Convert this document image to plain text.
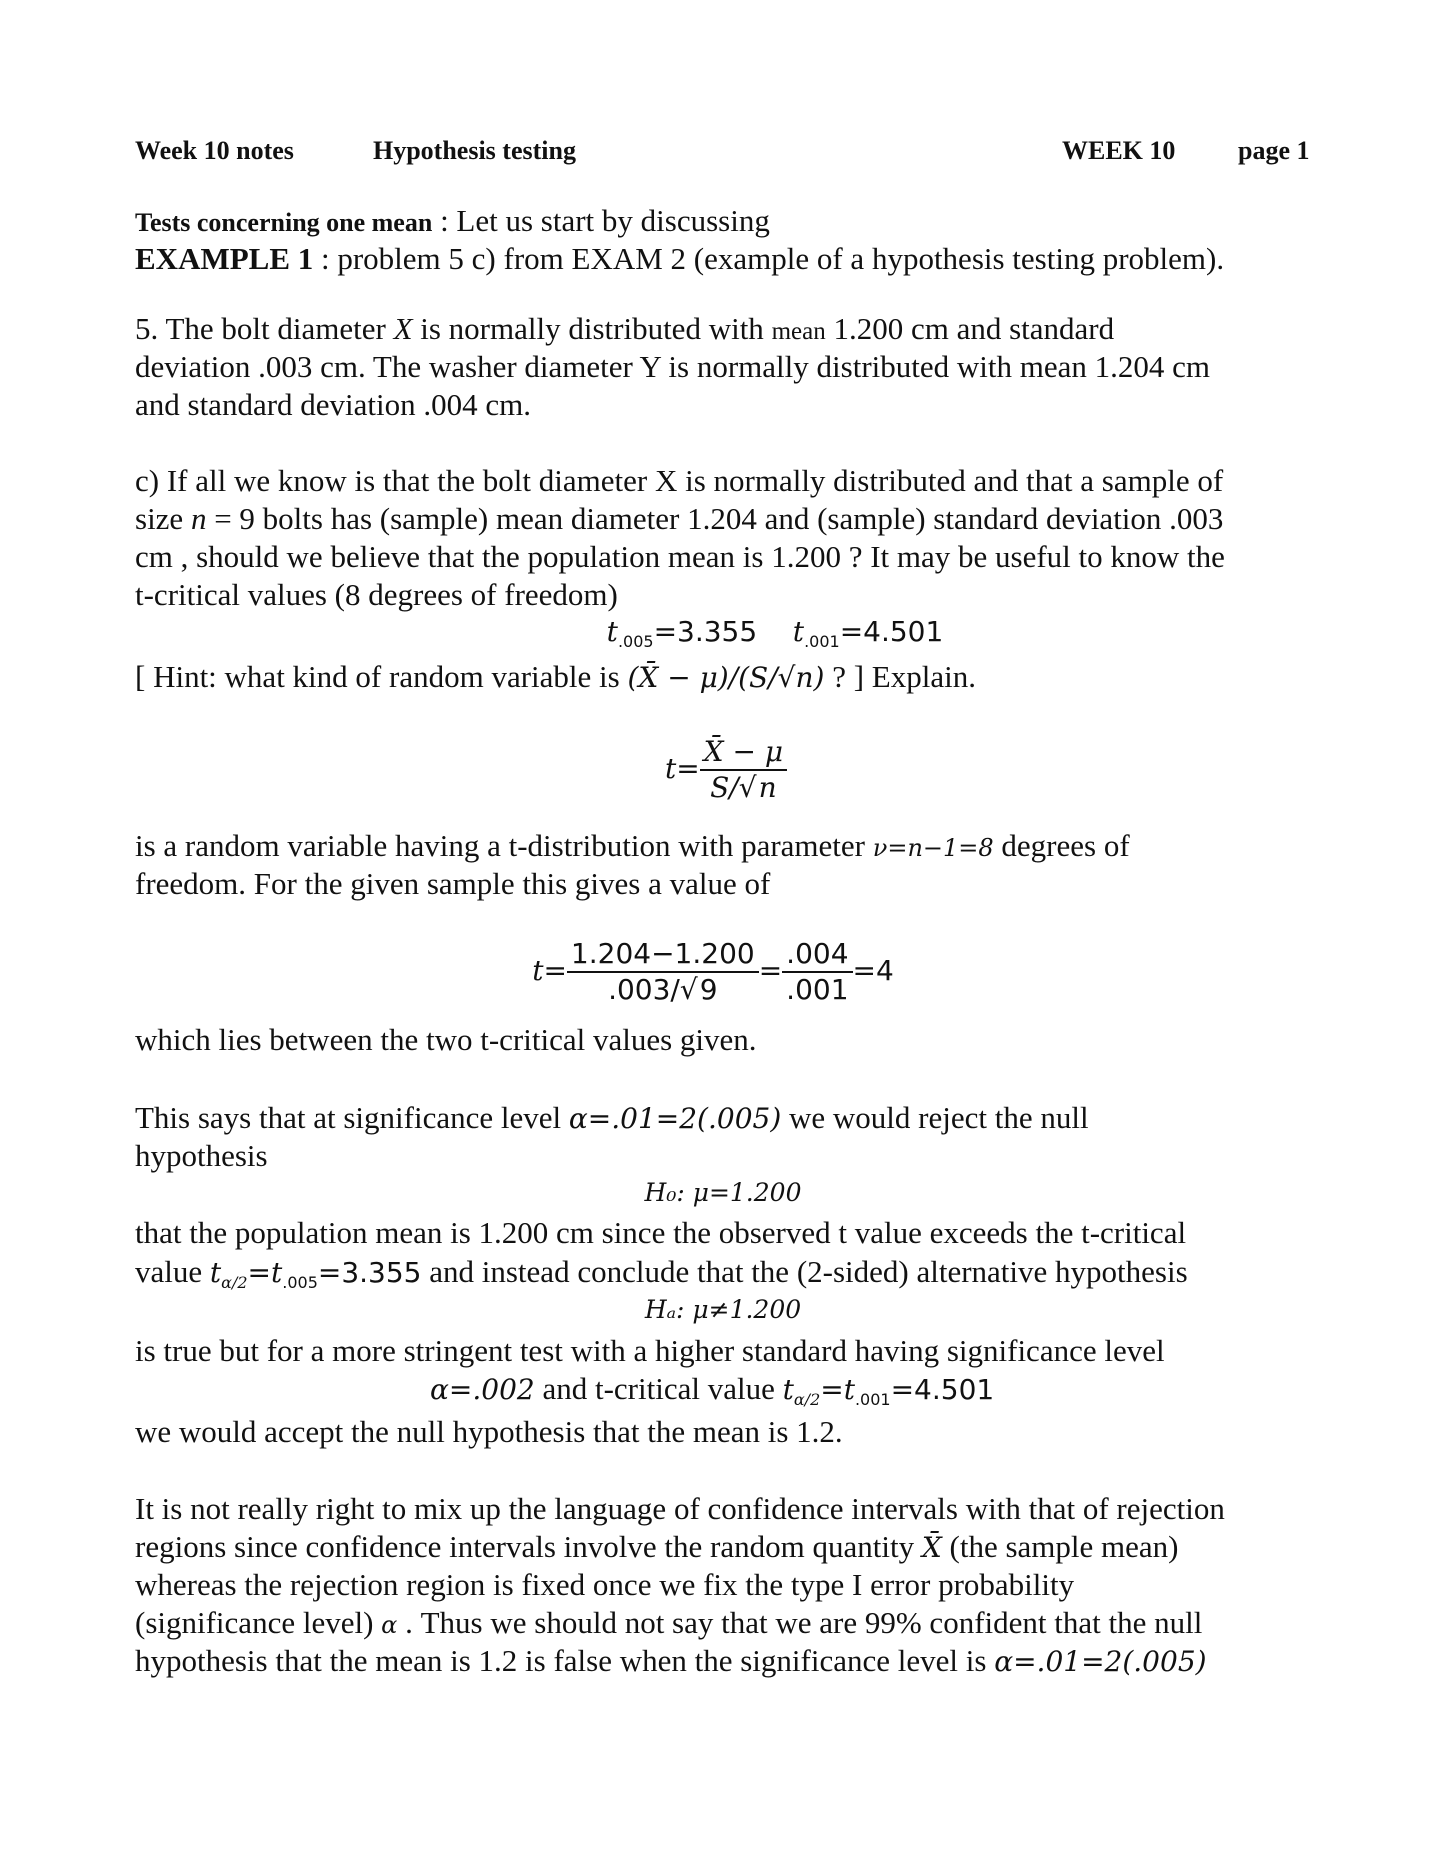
Week 10 notes	Hypothesis testing	WEEK 10 page 1
Tests concerning one mean : Let us start by discussing
EXAMPLE 1 : problem 5 c) from EXAM 2 (example of a hypothesis testing problem).
5. The bolt diameter X is normally distributed with mean 1.200 cm and standard
deviation .003 cm. The washer diameter Y is normally distributed with mean 1.204 cm
and standard deviation .004 cm.
c) If all we know is that the bolt diameter X is normally distributed and that a sample of
size n = 9 bolts has (sample) mean diameter 1.204 and (sample) standard deviation .003
cm , should we believe that the population mean is 1.200 ? It may be useful to know the
t-critical values (8 degrees of freedom)
$t_{.005}=3.355$ $t_{.001}=4.501$
[ Hint: what kind of random variable is (X̄ − μ)/(S/√n) ? ] Explain.
$t= \frac{X̄ - \mu}{S/√n}$
is a random variable having a t-distribution with parameter ν=n−1=8 degrees of
freedom. For the given sample this gives a value of
$t= \frac{1.204-1.200}{.003/√9} = \frac{.004}{.001} =4$
which lies between the two t-critical values given.
This says that at significance level α=.01=2(.005) we would reject the null
hypothesis
H₀: μ=1.200
that the population mean is 1.200 cm since the observed t value exceeds the t-critical
value $t_{\alpha/2}=t_{.005}=3.355$ and instead conclude that the (2-sided) alternative hypothesis
Hₐ: μ≠1.200
is true but for a more stringent test with a higher standard having significance level
α=.002 and t-critical value $t_{\alpha/2}=t_{.001}=4.501$
we would accept the null hypothesis that the mean is 1.2.
It is not really right to mix up the language of confidence intervals with that of rejection
regions since confidence intervals involve the random quantity X̄ (the sample mean)
whereas the rejection region is fixed once we fix the type I error probability
(significance level) α . Thus we should not say that we are 99% confident that the null
hypothesis that the mean is 1.2 is false when the significance level is α=.01=2(.005)
